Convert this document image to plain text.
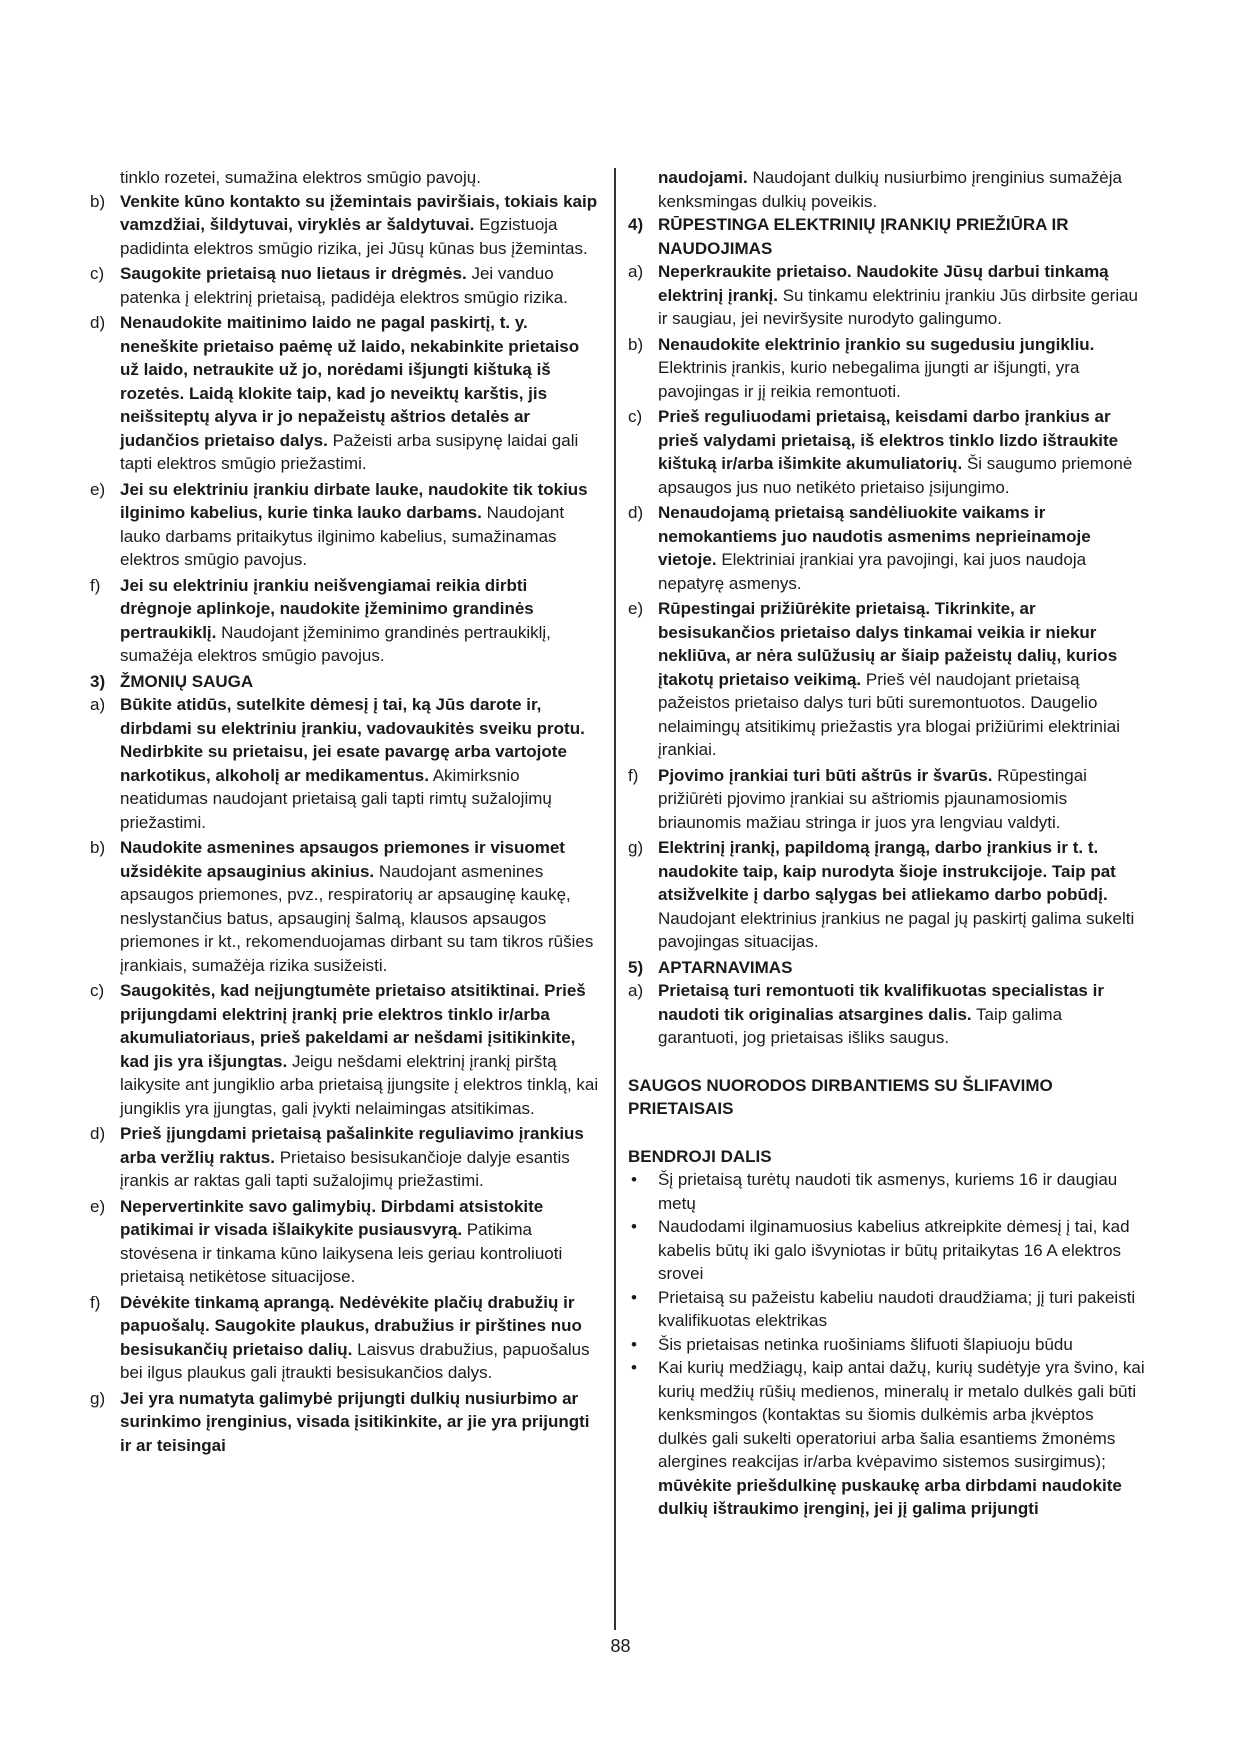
tinklo rozetei, sumažina elektros smūgio pavojų.
b) Venkite kūno kontakto su įžemintais paviršiais, tokiais kaip vamzdžiai, šildytuvai, viryklės ar šaldytuvai. Egzistuoja padidinta elektros smūgio rizika, jei Jūsų kūnas bus įžemintas.
c) Saugokite prietaisą nuo lietaus ir drėgmės. Jei vanduo patenka į elektrinį prietaisą, padidėja elektros smūgio rizika.
d) Nenaudokite maitinimo laido ne pagal paskirtį, t. y. neneškite prietaiso paėmę už laido, nekabinkite prietaiso už laido, netraukite už jo, norėdami išjungti kištuką iš rozetės. Laidą klokite taip, kad jo neveiktų karštis, jis neišsiteptų alyva ir jo nepažeistų aštrios detalės ar judančios prietaiso dalys. Pažeisti arba susipynę laidai gali tapti elektros smūgio priežastimi.
e) Jei su elektriniu įrankiu dirbate lauke, naudokite tik tokius ilginimo kabelius, kurie tinka lauko darbams. Naudojant lauko darbams pritaikytus ilginimo kabelius, sumažinamas elektros smūgio pavojus.
f) Jei su elektriniu įrankiu neišvengiamai reikia dirbti drėgnoje aplinkoje, naudokite įžeminimo grandinės pertraukiklį. Naudojant įžeminimo grandinės pertraukiklį, sumažėja elektros smūgio pavojus.
3) ŽMONIŲ SAUGA
a) Būkite atidūs, sutelkite dėmesį į tai, ką Jūs darote ir, dirbdami su elektriniu įrankiu, vadovaukitės sveiku protu. Nedirbkite su prietaisu, jei esate pavargę arba vartojote narkotikus, alkoholį ar medikamentus. Akimirksnio neatidumas naudojant prietaisą gali tapti rimtų sužalojimų priežastimi.
b) Naudokite asmenines apsaugos priemones ir visuomet užsidėkite apsauginius akinius. Naudojant asmenines apsaugos priemones, pvz., respiratorių ar apsauginę kaukę, neslystančius batus, apsauginį šalmą, klausos apsaugos priemones ir kt., rekomenduojamas dirbant su tam tikros rūšies įrankiais, sumažėja rizika susižeisti.
c) Saugokitės, kad neįjungtumėte prietaiso atsitiktinai. Prieš prijungdami elektrinį įrankį prie elektros tinklo ir/arba akumuliatoriaus, prieš pakeldami ar nešdami įsitikinkite, kad jis yra išjungtas. Jeigu nešdami elektrinį įrankį pirštą laikysite ant jungiklio arba prietaisą įjungsite į elektros tinklą, kai jungiklis yra įjungtas, gali įvykti nelaimingas atsitikimas.
d) Prieš įjungdami prietaisą pašalinkite reguliavimo įrankius arba veržlių raktus. Prietaiso besisukančioje dalyje esantis įrankis ar raktas gali tapti sužalojimų priežastimi.
e) Nepervertinkite savo galimybių. Dirbdami atsistokite patikimai ir visada išlaikykite pusiausvyrą. Patikima stovėsena ir tinkama kūno laikysena leis geriau kontroliuoti prietaisą netikėtose situacijose.
f) Dėvėkite tinkamą aprangą. Nedėvėkite plačių drabužių ir papuošalų. Saugokite plaukus, drabužius ir pirštines nuo besisukančių prietaiso dalių. Laisvus drabužius, papuošalus bei ilgus plaukus gali įtraukti besisukančios dalys.
g) Jei yra numatyta galimybė prijungti dulkių nusiurbimo ar surinkimo įrenginius, visada įsitikinkite, ar jie yra prijungti ir ar teisingai
naudojami. Naudojant dulkių nusiurbimo įrenginius sumažėja kenksmingas dulkių poveikis.
4) RŪPESTINGA ELEKTRINIŲ ĮRANKIŲ PRIEŽIŪRA IR NAUDOJIMAS
a) Neperkraukite prietaiso. Naudokite Jūsų darbui tinkamą elektrinį įrankį. Su tinkamu elektriniu įrankiu Jūs dirbsite geriau ir saugiau, jei neviršysite nurodyto galingumo.
b) Nenaudokite elektrinio įrankio su sugedusiu jungikliu. Elektrinis įrankis, kurio nebegalima įjungti ar išjungti, yra pavojingas ir jį reikia remontuoti.
c) Prieš reguliuodami prietaisą, keisdami darbo įrankius ar prieš valydami prietaisą, iš elektros tinklo lizdo ištraukite kištuką ir/arba išimkite akumuliatorių. Ši saugumo priemonė apsaugos jus nuo netikėto prietaiso įsijungimo.
d) Nenaudojamą prietaisą sandėliuokite vaikams ir nemokantiems juo naudotis asmenims neprieinamoje vietoje. Elektriniai įrankiai yra pavojingi, kai juos naudoja nepatyrę asmenys.
e) Rūpestingai prižiūrėkite prietaisą. Tikrinkite, ar besisukančios prietaiso dalys tinkamai veikia ir niekur nekliūva, ar nėra sulūžusių ar šiaip pažeistų dalių, kurios įtakotų prietaiso veikimą. Prieš vėl naudojant prietaisą pažeistos prietaiso dalys turi būti suremontuotos. Daugelio nelaimingų atsitikimų priežastis yra blogai prižiūrimi elektriniai įrankiai.
f) Pjovimo įrankiai turi būti aštrūs ir švarūs. Rūpestingai prižiūrėti pjovimo įrankiai su aštriomis pjaunamosiomis briaunomis mažiau stringa ir juos yra lengviau valdyti.
g) Elektrinį įrankį, papildomą įrangą, darbo įrankius ir t. t. naudokite taip, kaip nurodyta šioje instrukcijoje. Taip pat atsižvelkite į darbo sąlygas bei atliekamo darbo pobūdį. Naudojant elektrinius įrankius ne pagal jų paskirtį galima sukelti pavojingas situacijas.
5) APTARNAVIMAS
a) Prietaisą turi remontuoti tik kvalifikuotas specialistas ir naudoti tik originalias atsargines dalis. Taip galima garantuoti, jog prietaisas išliks saugus.
SAUGOS NUORODOS DIRBANTIEMS SU ŠLIFAVIMO PRIETAISAIS
BENDROJI DALIS
• Šį prietaisą turėtų naudoti tik asmenys, kuriems 16 ir daugiau metų
• Naudodami ilginamuosius kabelius atkreipkite dėmesį į tai, kad kabelis būtų iki galo išvyniotas ir būtų pritaikytas 16 A elektros srovei
• Prietaisą su pažeistu kabeliu naudoti draudžiama; jį turi pakeisti kvalifikuotas elektrikas
• Šis prietaisas netinka ruošiniams šlifuoti šlapiuoju būdu
• Kai kurių medžiagų, kaip antai dažų, kurių sudėtyje yra švino, kai kurių medžių rūšių medienos, mineralų ir metalo dulkės gali būti kenksmingos (kontaktas su šiomis dulkėmis arba įkvėptos dulkės gali sukelti operatoriui arba šalia esantiems žmonėms alergines reakcijas ir/arba kvėpavimo sistemos susirgimus); mūvėkite priešdulkinę puskaukę arba dirbdami naudokite dulkių ištraukimo įrenginį, jei jį galima prijungti
88
